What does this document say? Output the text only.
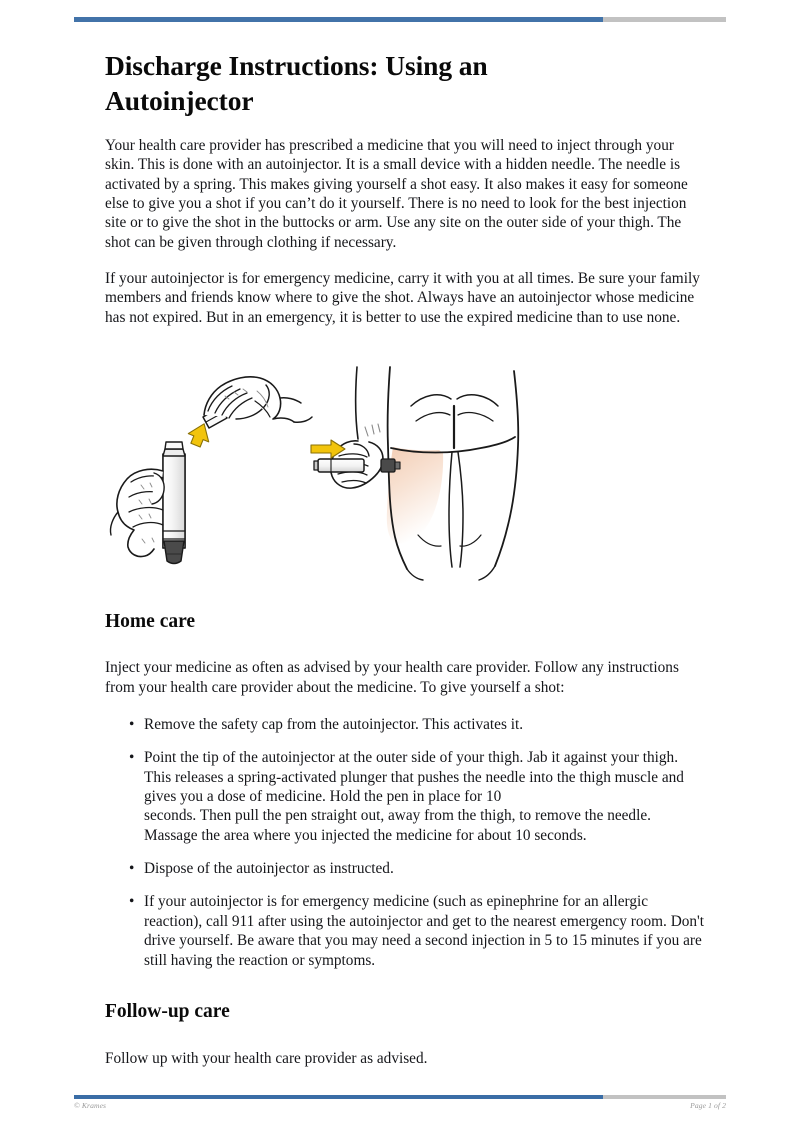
Discharge Instructions: Using an Autoinjector

Your health care provider has prescribed a medicine that you will need to inject through your skin. This is done with an autoinjector. It is a small device with a hidden needle. The needle is activated by a spring. This makes giving yourself a shot easy. It also makes it easy for someone else to give you a shot if you can’t do it yourself. There is no need to look for the best injection site or to give the shot in the buttocks or arm. Use any site on the outer side of your thigh. The shot can be given through clothing if necessary.

If your autoinjector is for emergency medicine, carry it with you at all times. Be sure your family members and friends know where to give the shot. Always have an autoinjector whose medicine has not expired. But in an emergency, it is better to use the expired medicine than to use none.

Home care

Inject your medicine as often as advised by your health care provider. Follow any instructions from your health care provider about the medicine. To give yourself a shot:

• Remove the safety cap from the autoinjector. This activates it.
• Point the tip of the autoinjector at the outer side of your thigh. Jab it against your thigh. This releases a spring-activated plunger that pushes the needle into the thigh muscle and gives you a dose of medicine. Hold the pen in place for 10
seconds. Then pull the pen straight out, away from the thigh, to remove the needle. Massage the area where you injected the medicine for about 10 seconds.
• Dispose of the autoinjector as instructed.
• If your autoinjector is for emergency medicine (such as epinephrine for an allergic reaction), call 911 after using the autoinjector and get to the nearest emergency room. Don't drive yourself. Be aware that you may need a second injection in 5 to 15 minutes if you are still having the reaction or symptoms.
Follow-up care

Follow up with your health care provider as advised.

© Krames	Page 1 of 2
